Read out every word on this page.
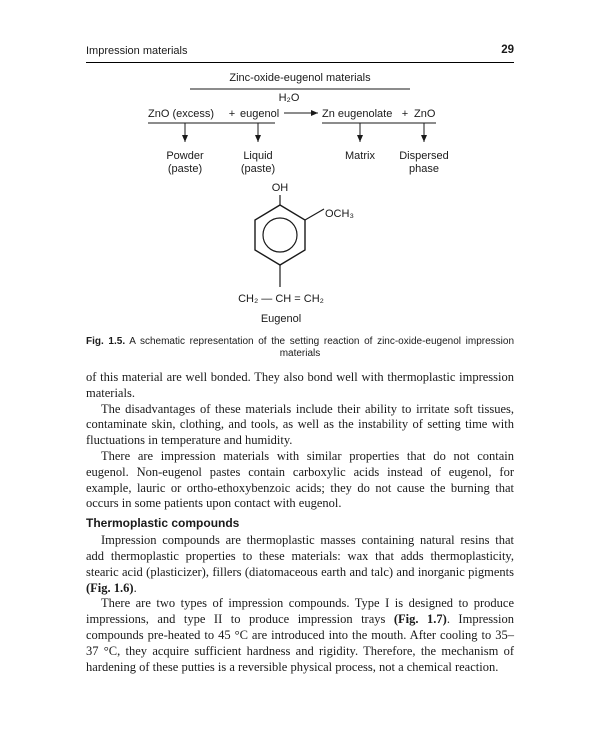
Impression materials	29
Zinc-oxide-eugenol materials
H₂O
ZnO (excess) + eugenol	Zn eugenolate + ZnO
Powder
(paste)
Liquid
(paste)
Matrix Dispersed
phase
OH
OCH₃
CH₂ — CH = CH₂
Eugenol
Fig. 1.5. A schematic representation of the setting reaction of zinc-oxide-eugenol impression materials

of this material are well bonded. They also bond well with thermoplastic impression materials.

The disadvantages of these materials include their ability to irritate soft tissues, contaminate skin, clothing, and tools, as well as the instability of setting time with fluctuations in temperature and humidity.

There are impression materials with similar properties that do not contain eugenol. Non-eugenol pastes contain carboxylic acids instead of eugenol, for example, lauric or ortho-ethoxybenzoic acids; they do not cause the burning that occurs in some patients upon contact with eugenol.

Thermoplastic compounds

Impression compounds are thermoplastic masses containing natural resins that add thermoplastic properties to these materials: wax that adds thermoplasticity, stearic acid (plasticizer), fillers (diatomaceous earth and talc) and inorganic pigments (Fig. 1.6).

There are two types of impression compounds. Type I is designed to produce impressions, and type II to produce impression trays (Fig. 1.7). Impression compounds pre-heated to 45 °C are introduced into the mouth. After cooling to 35–37 °C, they acquire sufficient hardness and rigidity. Therefore, the mechanism of hardening of these putties is a reversible physical process, not a chemical reaction.
